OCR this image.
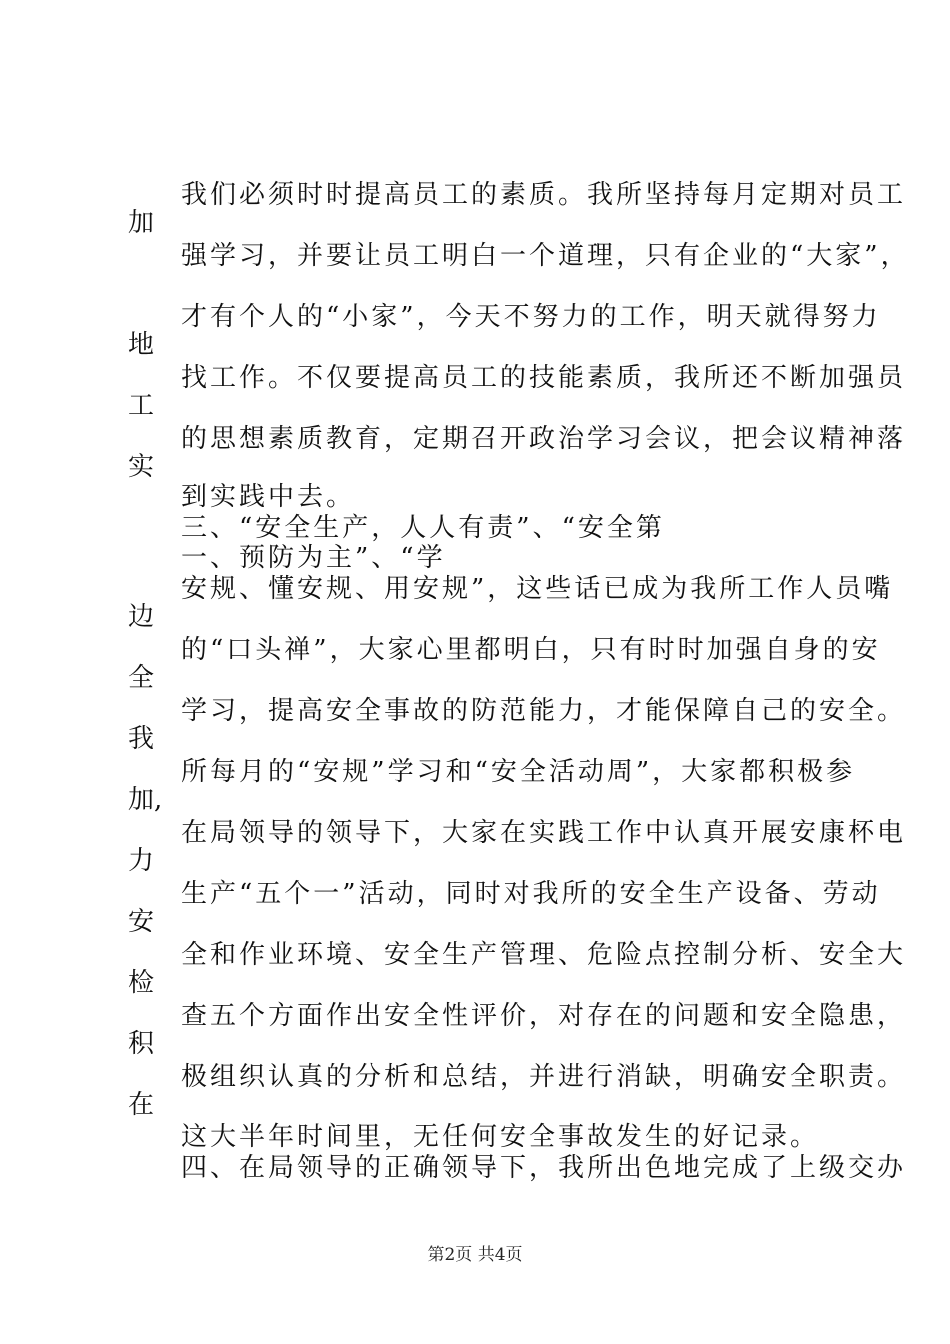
我们必须时时提高员工的素质。我所坚持每月定期对员工
强学习，并要让员工明白一个道理，只有企业的“大家”，
才有个人的“小家”，今天不努力的工作，明天就得努力
找工作。不仅要提高员工的技能素质，我所还不断加强员
的思想素质教育，定期召开政治学习会议，把会议精神落
到实践中去。
三、“安全生产，人人有责”、“安全第
一、预防为主”、“学
安规、懂安规、用安规”，这些话已成为我所工作人员嘴
的“口头禅”，大家心里都明白，只有时时加强自身的安
学习，提高安全事故的防范能力，才能保障自己的安全。
所每月的“安规”学习和“安全活动周”，大家都积极参
在局领导的领导下，大家在实践工作中认真开展安康杯电
生产“五个一”活动，同时对我所的安全生产设备、劳动
全和作业环境、安全生产管理、危险点控制分析、安全大
查五个方面作出安全性评价，对存在的问题和安全隐患，
极组织认真的分析和总结，并进行消缺，明确安全职责。
这大半年时间里，无任何安全事故发生的好记录。
四、在局领导的正确领导下，我所出色地完成了上级交办
加
地
工
实
边
全
我
加,
力
安
检
积
在
第2页 共4页
